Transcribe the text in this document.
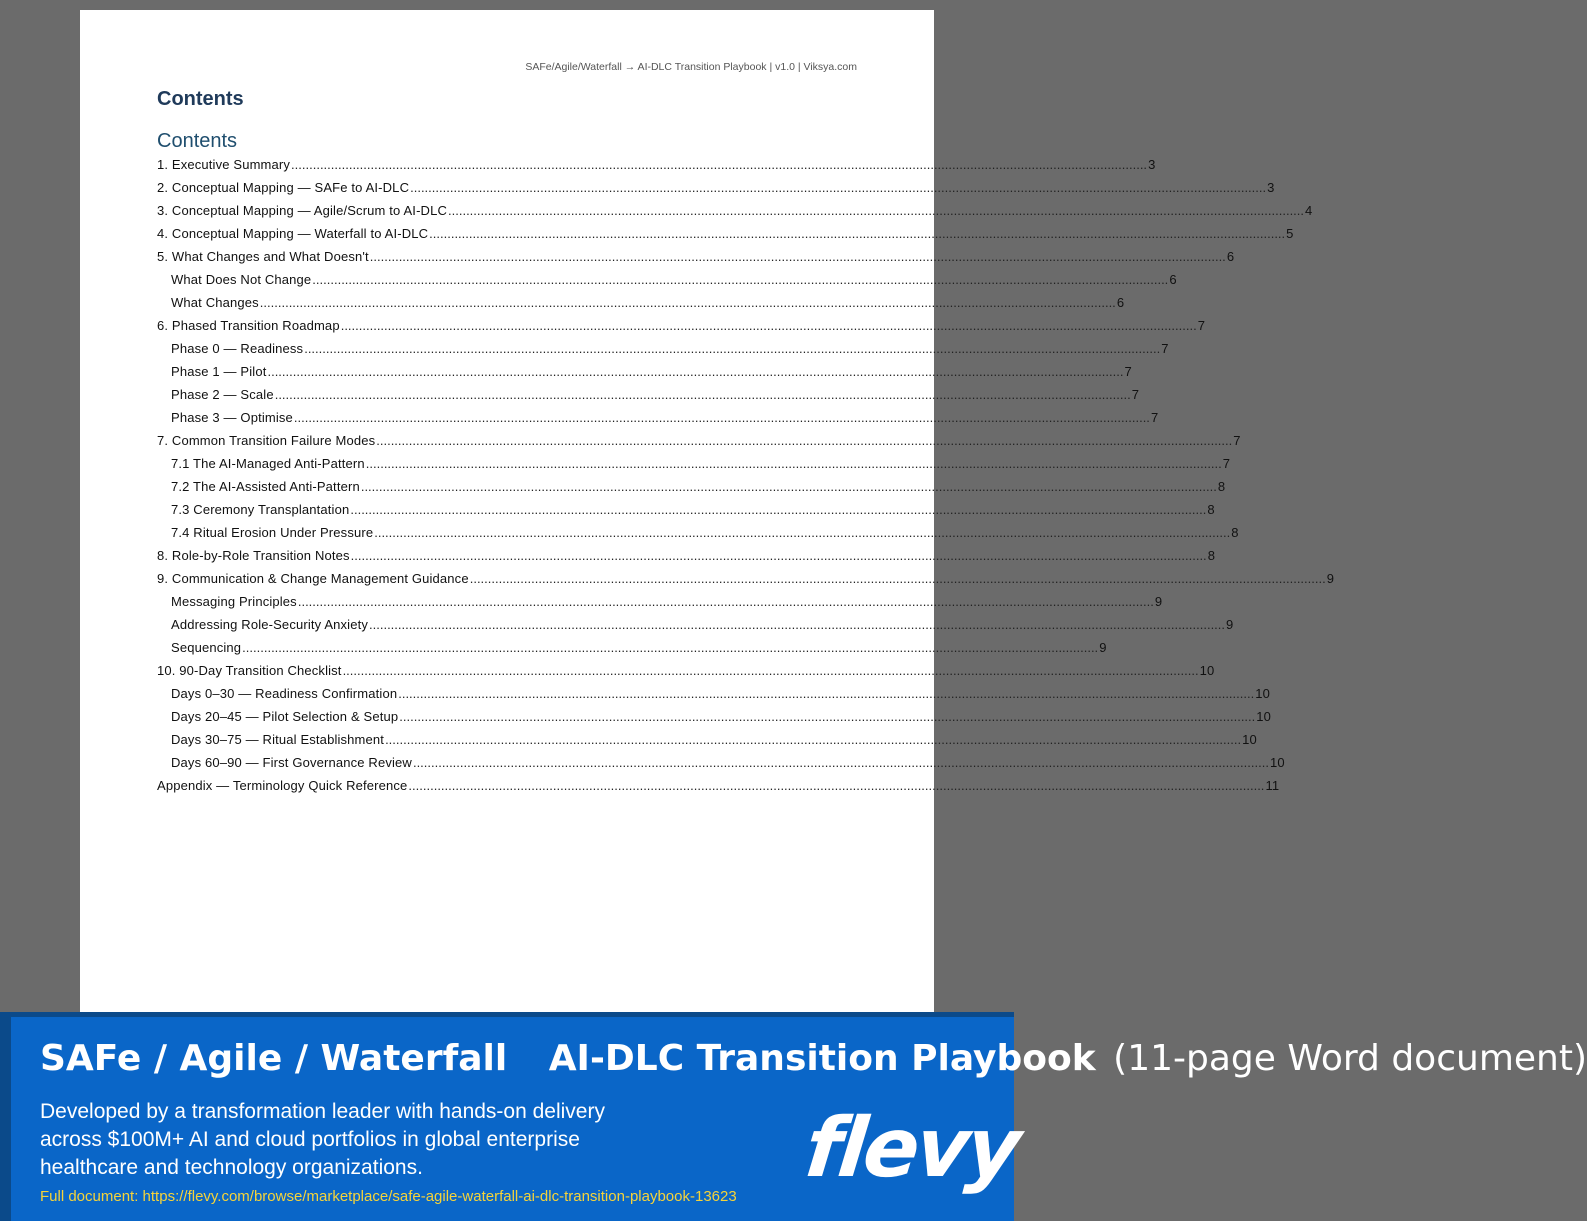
SAFe/Agile/Waterfall → AI-DLC Transition Playbook | v1.0 | Viksya.com
Contents
Contents
1. Executive Summary .....	3
2. Conceptual Mapping — SAFe to AI-DLC .....	3
3. Conceptual Mapping — Agile/Scrum to AI-DLC .....	4
4. Conceptual Mapping — Waterfall to AI-DLC .....	5
5. What Changes and What Doesn't .....	6
What Does Not Change .....	6
What Changes .....	6
6. Phased Transition Roadmap .....	7
Phase 0 — Readiness .....	7
Phase 1 — Pilot .....	7
Phase 2 — Scale .....	7
Phase 3 — Optimise .....	7
7. Common Transition Failure Modes .....	7
7.1 The AI-Managed Anti-Pattern .....	7
7.2 The AI-Assisted Anti-Pattern .....	8
7.3 Ceremony Transplantation .....	8
7.4 Ritual Erosion Under Pressure .....	8
8. Role-by-Role Transition Notes .....	8
9. Communication & Change Management Guidance .....	9
Messaging Principles .....	9
Addressing Role-Security Anxiety .....	9
Sequencing .....	9
10. 90-Day Transition Checklist .....	10
Days 0–30 — Readiness Confirmation .....	10
Days 20–45 — Pilot Selection & Setup .....	10
Days 30–75 — Ritual Establishment .....	10
Days 60–90 — First Governance Review .....	10
Appendix — Terminology Quick Reference .....	11
SAFe / Agile / Waterfall AI-DLC Transition Playbook (11-page Word document)
Developed by a transformation leader with hands-on delivery across $100M+ AI and cloud portfolios in global enterprise healthcare and technology organizations.
Full document: https://flevy.com/browse/marketplace/safe-agile-waterfall-ai-dlc-transition-playbook-13623
flevy
